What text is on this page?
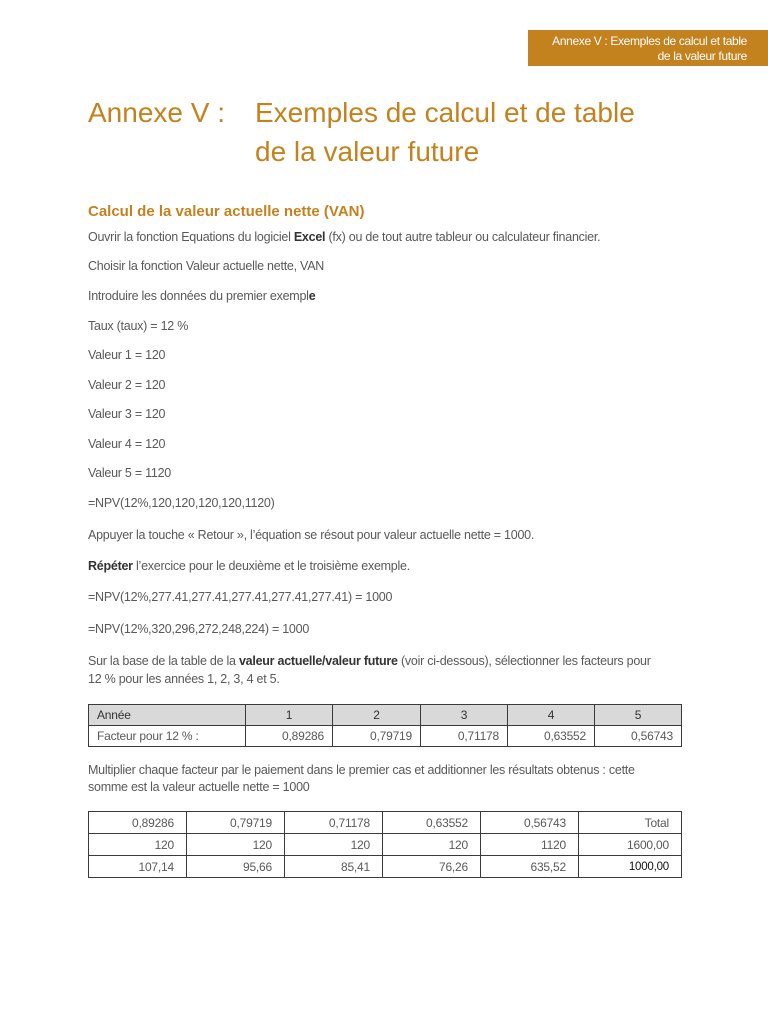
Annexe V : Exemples de calcul et table
de la valeur future
Annexe V : Exemples de calcul et de table
de la valeur future
Calcul de la valeur actuelle nette (VAN)
Ouvrir la fonction Equations du logiciel Excel (fx) ou de tout autre tableur ou calculateur financier.
Choisir la fonction Valeur actuelle nette, VAN
Introduire les données du premier exemple
Taux (taux) = 12 %
Valeur 1 = 120
Valeur 2 = 120
Valeur 3 = 120
Valeur 4 = 120
Valeur 5 = 1120
=NPV(12%,120,120,120,120,1120)
Appuyer la touche « Retour », l’équation se résout pour valeur actuelle nette = 1000.
Répéter l’exercice pour le deuxième et le troisième exemple.
=NPV(12%,277.41,277.41,277.41,277.41,277.41) = 1000
=NPV(12%,320,296,272,248,224) = 1000
Sur la base de la table de la valeur actuelle/valeur future (voir ci-dessous), sélectionner les facteurs pour
12 % pour les années 1, 2, 3, 4 et 5.
Année	1	2	3	4	5
Facteur pour 12 % :	0,89286	0,79719	0,71178	0,63552	0,56743
Multiplier chaque facteur par le paiement dans le premier cas et additionner les résultats obtenus : cette
somme est la valeur actuelle nette = 1000
0,89286	0,79719	0,71178	0,63552	0,56743	Total
120	120	120	120	1120	1600,00
107,14	95,66	85,41	76,26	635,52	1000,00
